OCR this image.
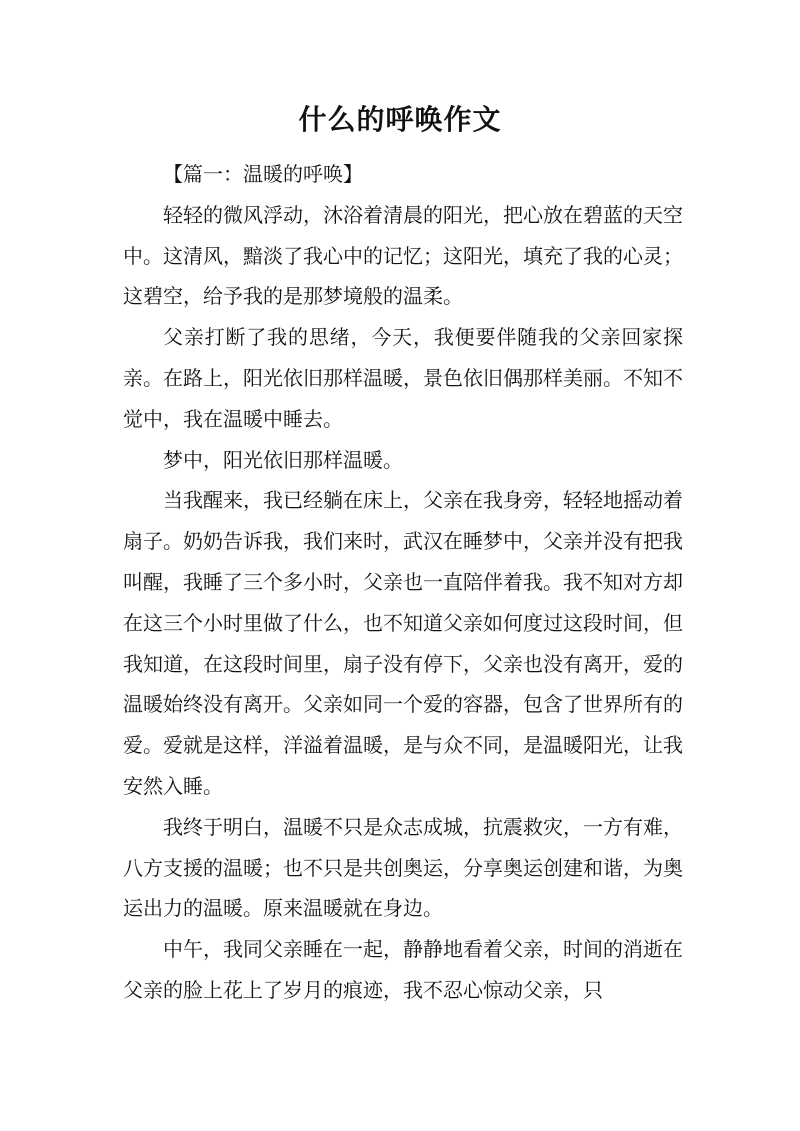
什么的呼唤作文

【篇一：温暖的呼唤】

轻轻的微风浮动，沐浴着清晨的阳光，把心放在碧蓝的天空中。这清风，黯淡了我心中的记忆；这阳光，填充了我的心灵；这碧空，给予我的是那梦境般的温柔。

父亲打断了我的思绪，今天，我便要伴随我的父亲回家探亲。在路上，阳光依旧那样温暖，景色依旧偶那样美丽。不知不觉中，我在温暖中睡去。

梦中，阳光依旧那样温暖。

当我醒来，我已经躺在床上，父亲在我身旁，轻轻地摇动着扇子。奶奶告诉我，我们来时，武汉在睡梦中，父亲并没有把我叫醒，我睡了三个多小时，父亲也一直陪伴着我。我不知对方却在这三个小时里做了什么，也不知道父亲如何度过这段时间，但我知道，在这段时间里，扇子没有停下，父亲也没有离开，爱的温暖始终没有离开。父亲如同一个爱的容器，包含了世界所有的爱。爱就是这样，洋溢着温暖，是与众不同，是温暖阳光，让我安然入睡。

我终于明白，温暖不只是众志成城，抗震救灾，一方有难，八方支援的温暖；也不只是共创奥运，分享奥运创建和谐，为奥运出力的温暖。原来温暖就在身边。

中午，我同父亲睡在一起，静静地看着父亲，时间的消逝在父亲的脸上花上了岁月的痕迹，我不忍心惊动父亲，只
